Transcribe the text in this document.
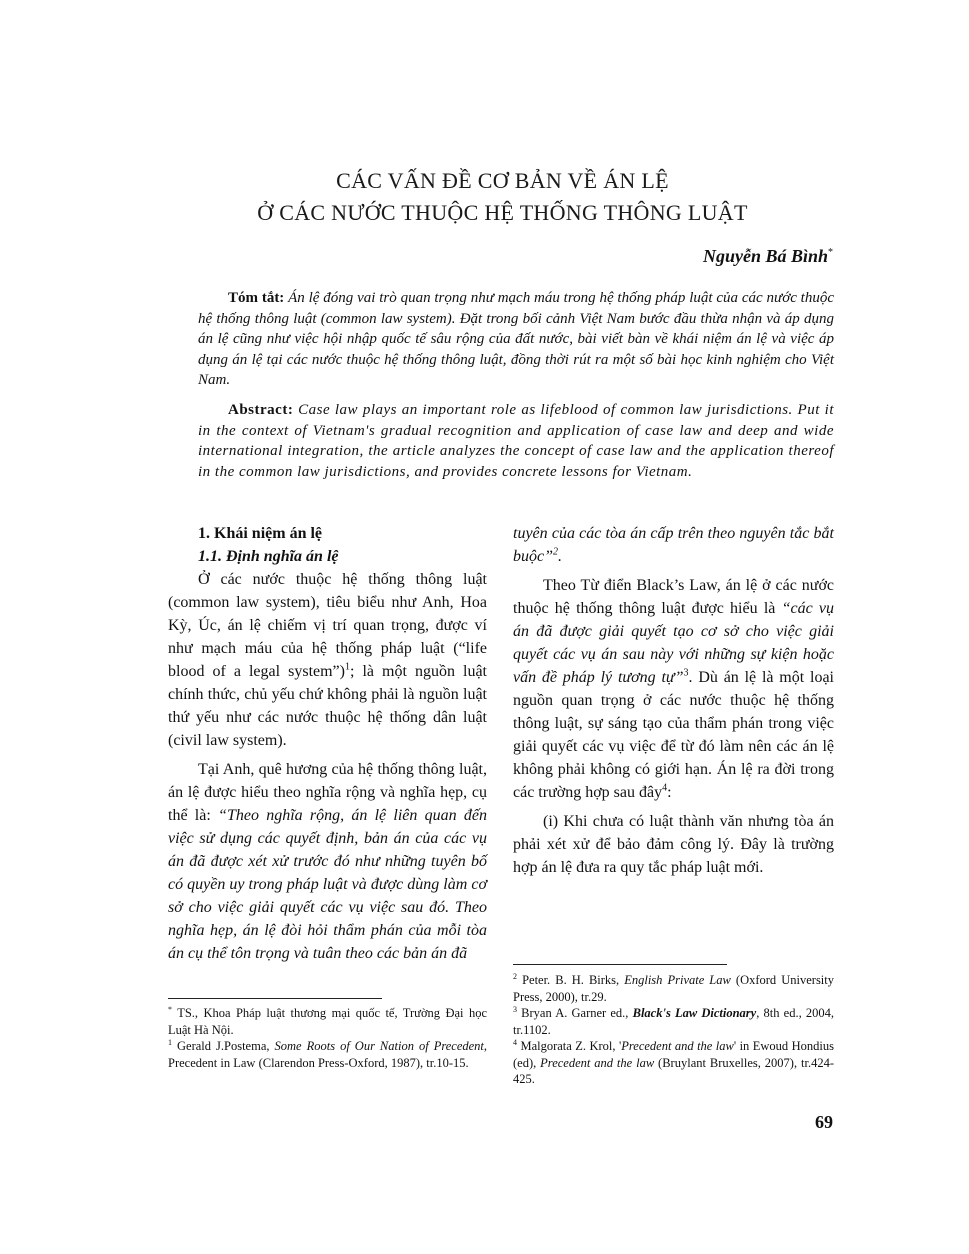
CÁC VẤN ĐỀ CƠ BẢN VỀ ÁN LỆ
Ở CÁC NƯỚC THUỘC HỆ THỐNG THÔNG LUẬT
Nguyễn Bá Bình*

Tóm tắt: Án lệ đóng vai trò quan trọng như mạch máu trong hệ thống pháp luật của các nước thuộc hệ thống thông luật (common law system). Đặt trong bối cảnh Việt Nam bước đầu thừa nhận và áp dụng án lệ cũng như việc hội nhập quốc tế sâu rộng của đất nước, bài viết bàn về khái niệm án lệ và việc áp dụng án lệ tại các nước thuộc hệ thống thông luật, đồng thời rút ra một số bài học kinh nghiệm cho Việt Nam.

Abstract: Case law plays an important role as lifeblood of common law jurisdictions. Put it in the context of Vietnam's gradual recognition and application of case law and deep and wide international integration, the article analyzes the concept of case law and the application thereof in the common law jurisdictions, and provides concrete lessons for Vietnam.

1. Khái niệm án lệ

1.1. Định nghĩa án lệ

Ở các nước thuộc hệ thống thông luật (common law system), tiêu biểu như Anh, Hoa Kỳ, Úc, án lệ chiếm vị trí quan trọng, được ví như mạch máu của hệ thống pháp luật (“life blood of a legal system”)$^1$; là một nguồn luật chính thức, chủ yếu chứ không phải là nguồn luật thứ yếu như các nước thuộc hệ thống dân luật (civil law system).

Tại Anh, quê hương của hệ thống thông luật, án lệ được hiểu theo nghĩa rộng và nghĩa hẹp, cụ thể là: “Theo nghĩa rộng, án lệ liên quan đến việc sử dụng các quyết định, bản án của các vụ án đã được xét xử trước đó như những tuyên bố có quyền uy trong pháp luật và được dùng làm cơ sở cho việc giải quyết các vụ việc sau đó. Theo nghĩa hẹp, án lệ đòi hỏi thẩm phán của mỗi tòa án cụ thể tôn trọng và tuân theo các bản án đã

tuyên của các tòa án cấp trên theo nguyên tắc bắt buộc”$^2$.

Theo Từ điển Black’s Law, án lệ ở các nước thuộc hệ thống thông luật được hiểu là “các vụ án đã được giải quyết tạo cơ sở cho việc giải quyết các vụ án sau này với những sự kiện hoặc vấn đề pháp lý tương tự”$^3$. Dù án lệ là một loại nguồn quan trọng ở các nước thuộc hệ thống thông luật, sự sáng tạo của thẩm phán trong việc giải quyết các vụ việc để từ đó làm nên các án lệ không phải không có giới hạn. Án lệ ra đời trong các trường hợp sau đây$^4$:

(i) Khi chưa có luật thành văn nhưng tòa án phải xét xử để bảo đảm công lý. Đây là trường hợp án lệ đưa ra quy tắc pháp luật mới.

* TS., Khoa Pháp luật thương mại quốc tế, Trường Đại học Luật Hà Nội.

$^1$ Gerald J.Postema, Some Roots of Our Nation of Precedent, Precedent in Law (Clarendon Press-Oxford, 1987), tr.10-15.

$^2$ Peter. B. H. Birks, English Private Law (Oxford University Press, 2000), tr.29.

$^3$ Bryan A. Garner ed., Black's Law Dictionary, 8th ed., 2004, tr.1102.

$^4$ Malgorata Z. Krol, 'Precedent and the law' in Ewoud Hondius (ed), Precedent and the law (Bruylant Bruxelles, 2007), tr.424-425.

69
